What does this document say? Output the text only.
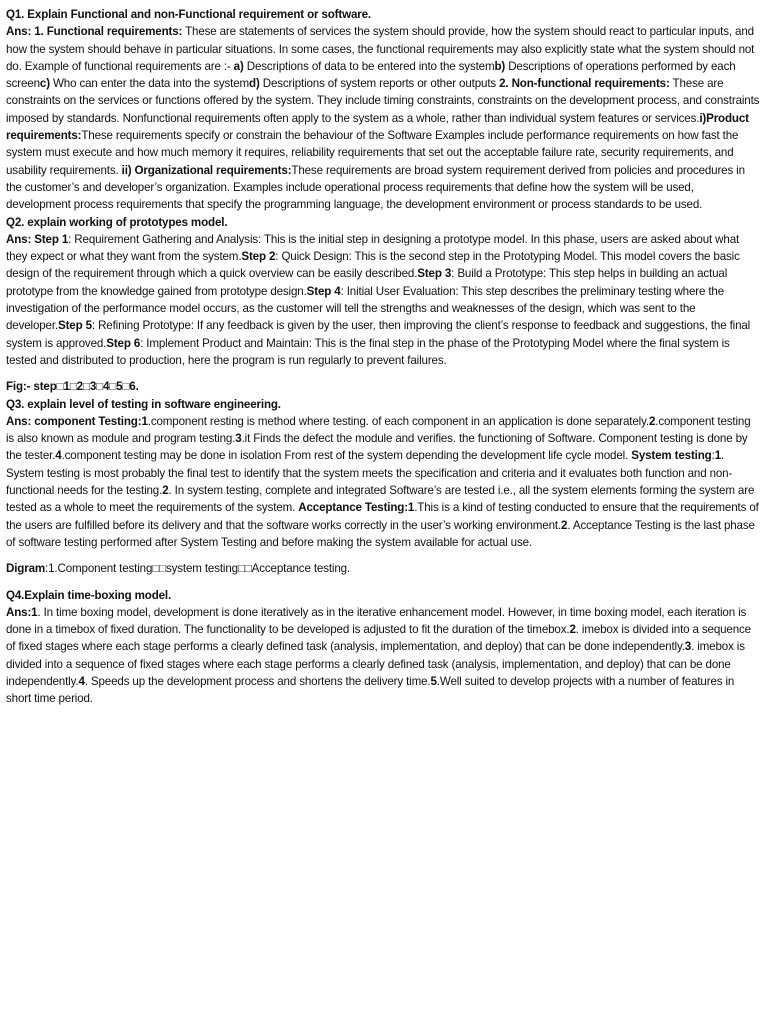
Q1. Explain Functional and non-Functional requirement or software.

Ans: 1. Functional requirements: These are statements of services the system should provide, how the system should react to particular inputs, and how the system should behave in particular situations. In some cases, the functional requirements may also explicitly state what the system should not do. Example of functional requirements are :- a) Descriptions of data to be entered into the systemb) Descriptions of operations performed by each screenc) Who can enter the data into the systemd) Descriptions of system reports or other outputs 2. Non-functional requirements: These are constraints on the services or functions offered by the system. They include timing constraints, constraints on the development process, and constraints imposed by standards. Nonfunctional requirements often apply to the system as a whole, rather than individual system features or services.i)Product requirements:These requirements specify or constrain the behaviour of the Software Examples include performance requirements on how fast the system must execute and how much memory it requires, reliability requirements that set out the acceptable failure rate, security requirements, and usability requirements. ii) Organizational requirements:These requirements are broad system requirement derived from policies and procedures in the customer’s and developer’s organization. Examples include operational process requirements that define how the system will be used, development process requirements that specify the programming language, the development environment or process standards to be used.

Q2. explain working of prototypes model.

Ans: Step 1: Requirement Gathering and Analysis: This is the initial step in designing a prototype model. In this phase, users are asked about what they expect or what they want from the system.Step 2: Quick Design: This is the second step in the Prototyping Model. This model covers the basic design of the requirement through which a quick overview can be easily described.Step 3: Build a Prototype: This step helps in building an actual prototype from the knowledge gained from prototype design.Step 4: Initial User Evaluation: This step describes the preliminary testing where the investigation of the performance model occurs, as the customer will tell the strengths and weaknesses of the design, which was sent to the developer.Step 5: Refining Prototype: If any feedback is given by the user, then improving the client’s response to feedback and suggestions, the final system is approved.Step 6: Implement Product and Maintain: This is the final step in the phase of the Prototyping Model where the final system is tested and distributed to production, here the program is run regularly to prevent failures.

Fig:- step□1□2□3□4□5□6.

Q3. explain level of testing in software engineering.

Ans: component Testing:1.component resting is method where testing. of each component in an application is done separately.2.component testing is also known as module and program testing.3.it Finds the defect the module and verifies. the functioning of Software. Component testing is done by the tester.4.component testing may be done in isolation From rest of the system depending the development life cycle model. System testing:1. System testing is most probably the final test to identify that the system meets the specification and criteria and it evaluates both function and non-functional needs for the testing.2. In system testing, complete and integrated Software’s are tested i.e., all the system elements forming the system are tested as a whole to meet the requirements of the system. Acceptance Testing:1.This is a kind of testing conducted to ensure that the requirements of the users are fulfilled before its delivery and that the software works correctly in the user’s working environment.2. Acceptance Testing is the last phase of software testing performed after System Testing and before making the system available for actual use.

Digram:1.Component testing□□system testing□□Acceptance testing.

Q4.Explain time-boxing model.

Ans:1. In time boxing model, development is done iteratively as in the iterative enhancement model. However, in time boxing model, each iteration is done in a timebox of fixed duration. The functionality to be developed is adjusted to fit the duration of the timebox.2. imebox is divided into a sequence of fixed stages where each stage performs a clearly defined task (analysis, implementation, and deploy) that can be done independently.3. imebox is divided into a sequence of fixed stages where each stage performs a clearly defined task (analysis, implementation, and deploy) that can be done independently.4. Speeds up the development process and shortens the delivery time.5.Well suited to develop projects with a number of features in short time period.
